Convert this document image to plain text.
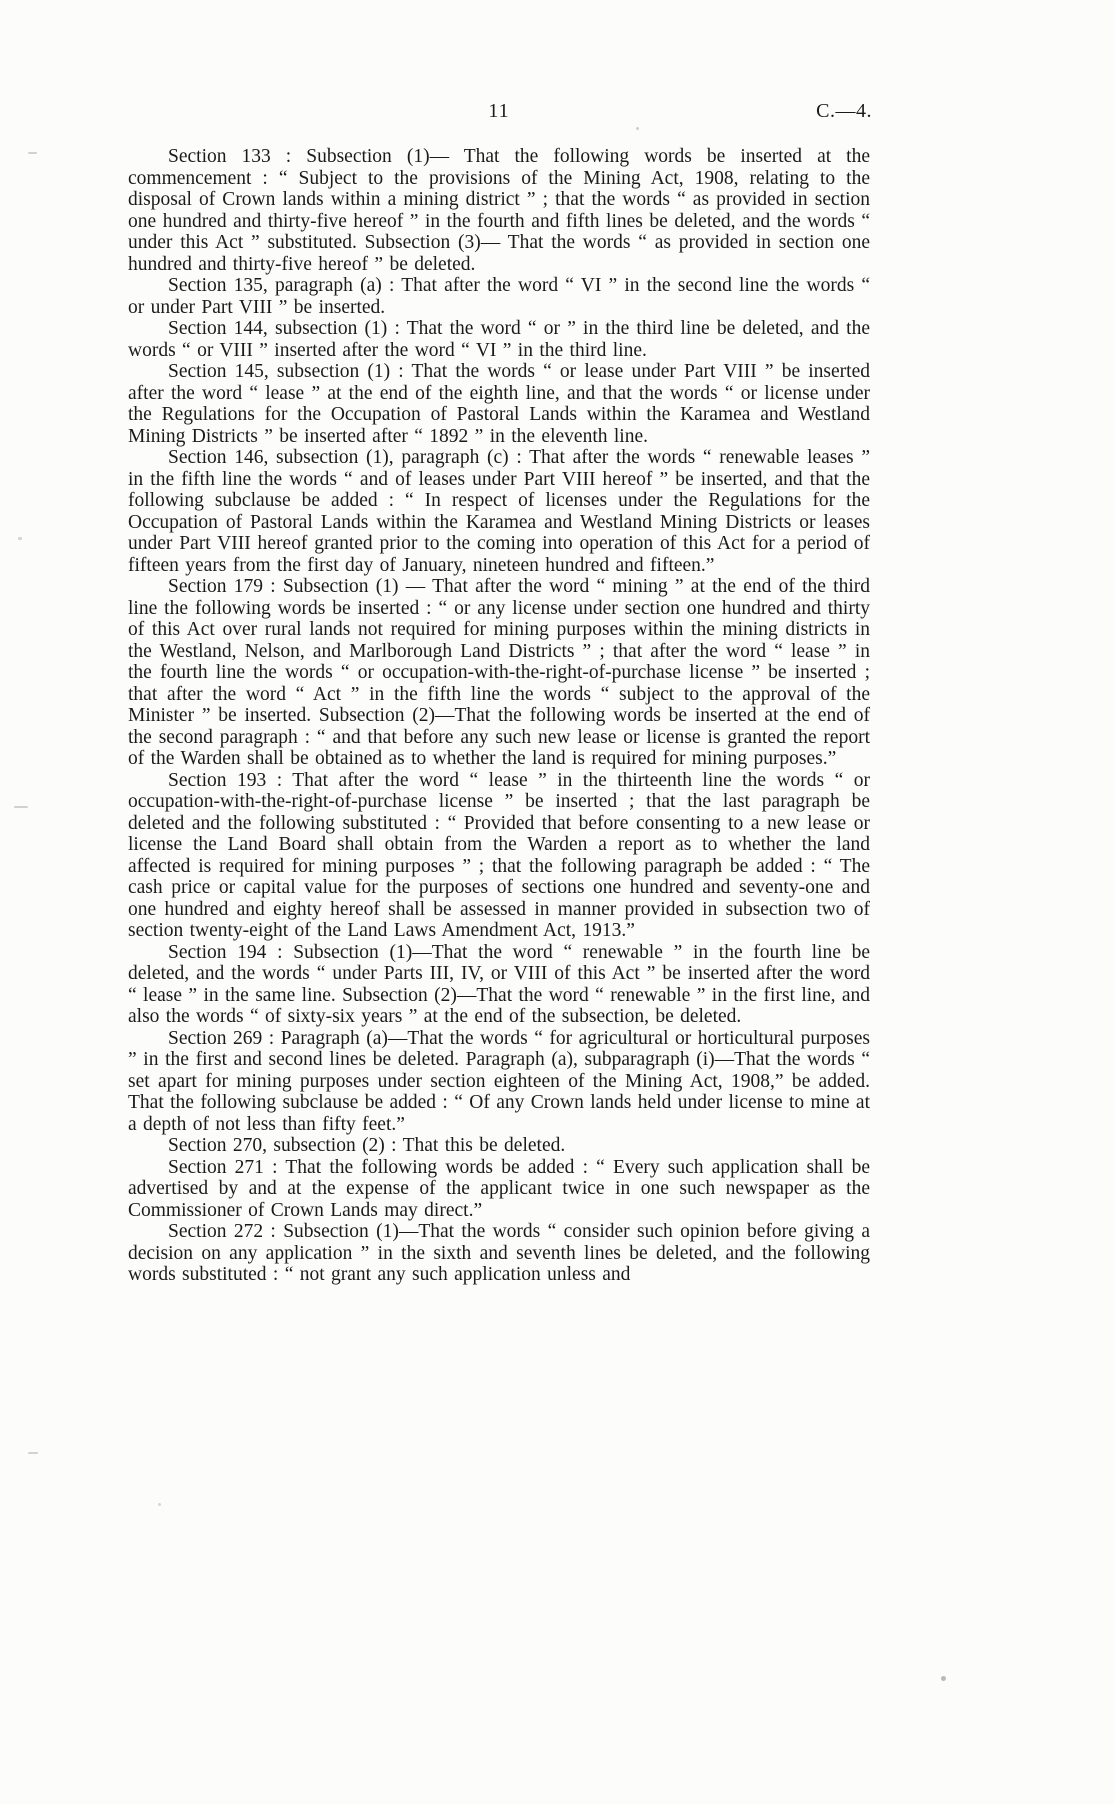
11	C.—4.

Section 133 : Subsection (1)— That the following words be inserted at the commencement : “ Subject to the provisions of the Mining Act, 1908, relating to the disposal of Crown lands within a mining district ” ; that the words “ as provided in section one hundred and thirty-five hereof ” in the fourth and fifth lines be deleted, and the words “ under this Act ” substituted. Subsection (3)— That the words “ as provided in section one hundred and thirty-five hereof ” be deleted.

Section 135, paragraph (a) : That after the word “ VI ” in the second line the words “ or under Part VIII ” be inserted.

Section 144, subsection (1) : That the word “ or ” in the third line be deleted, and the words “ or VIII ” inserted after the word “ VI ” in the third line.

Section 145, subsection (1) : That the words “ or lease under Part VIII ” be inserted after the word “ lease ” at the end of the eighth line, and that the words “ or license under the Regulations for the Occupation of Pastoral Lands within the Karamea and Westland Mining Districts ” be inserted after “ 1892 ” in the eleventh line.

Section 146, subsection (1), paragraph (c) : That after the words “ renewable leases ” in the fifth line the words “ and of leases under Part VIII hereof ” be inserted, and that the following subclause be added : “ In respect of licenses under the Regulations for the Occupation of Pastoral Lands within the Karamea and Westland Mining Districts or leases under Part VIII hereof granted prior to the coming into operation of this Act for a period of fifteen years from the first day of January, nineteen hundred and fifteen.”

Section 179 : Subsection (1) — That after the word “ mining ” at the end of the third line the following words be inserted : “ or any license under section one hundred and thirty of this Act over rural lands not required for mining purposes within the mining districts in the Westland, Nelson, and Marlborough Land Districts ” ; that after the word “ lease ” in the fourth line the words “ or occupation-with-the-right-of-purchase license ” be inserted ; that after the word “ Act ” in the fifth line the words “ subject to the approval of the Minister ” be inserted. Subsection (2)—That the following words be inserted at the end of the second paragraph : “ and that before any such new lease or license is granted the report of the Warden shall be obtained as to whether the land is required for mining purposes.”

Section 193 : That after the word “ lease ” in the thirteenth line the words “ or occupation-with-the-right-of-purchase license ” be inserted ; that the last paragraph be deleted and the following substituted : “ Provided that before consenting to a new lease or license the Land Board shall obtain from the Warden a report as to whether the land affected is required for mining purposes ” ; that the following paragraph be added : “ The cash price or capital value for the purposes of sections one hundred and seventy-one and one hundred and eighty hereof shall be assessed in manner provided in subsection two of section twenty-eight of the Land Laws Amendment Act, 1913.”

Section 194 : Subsection (1)—That the word “ renewable ” in the fourth line be deleted, and the words “ under Parts III, IV, or VIII of this Act ” be inserted after the word “ lease ” in the same line. Subsection (2)—That the word “ renewable ” in the first line, and also the words “ of sixty-six years ” at the end of the subsection, be deleted.

Section 269 : Paragraph (a)—That the words “ for agricultural or horticultural purposes ” in the first and second lines be deleted. Paragraph (a), subparagraph (i)—That the words “ set apart for mining purposes under section eighteen of the Mining Act, 1908,” be added. That the following subclause be added : “ Of any Crown lands held under license to mine at a depth of not less than fifty feet.”

Section 270, subsection (2) : That this be deleted.

Section 271 : That the following words be added : “ Every such application shall be advertised by and at the expense of the applicant twice in one such newspaper as the Commissioner of Crown Lands may direct.”

Section 272 : Subsection (1)—That the words “ consider such opinion before giving a decision on any application ” in the sixth and seventh lines be deleted, and the following words substituted : “ not grant any such application unless and
